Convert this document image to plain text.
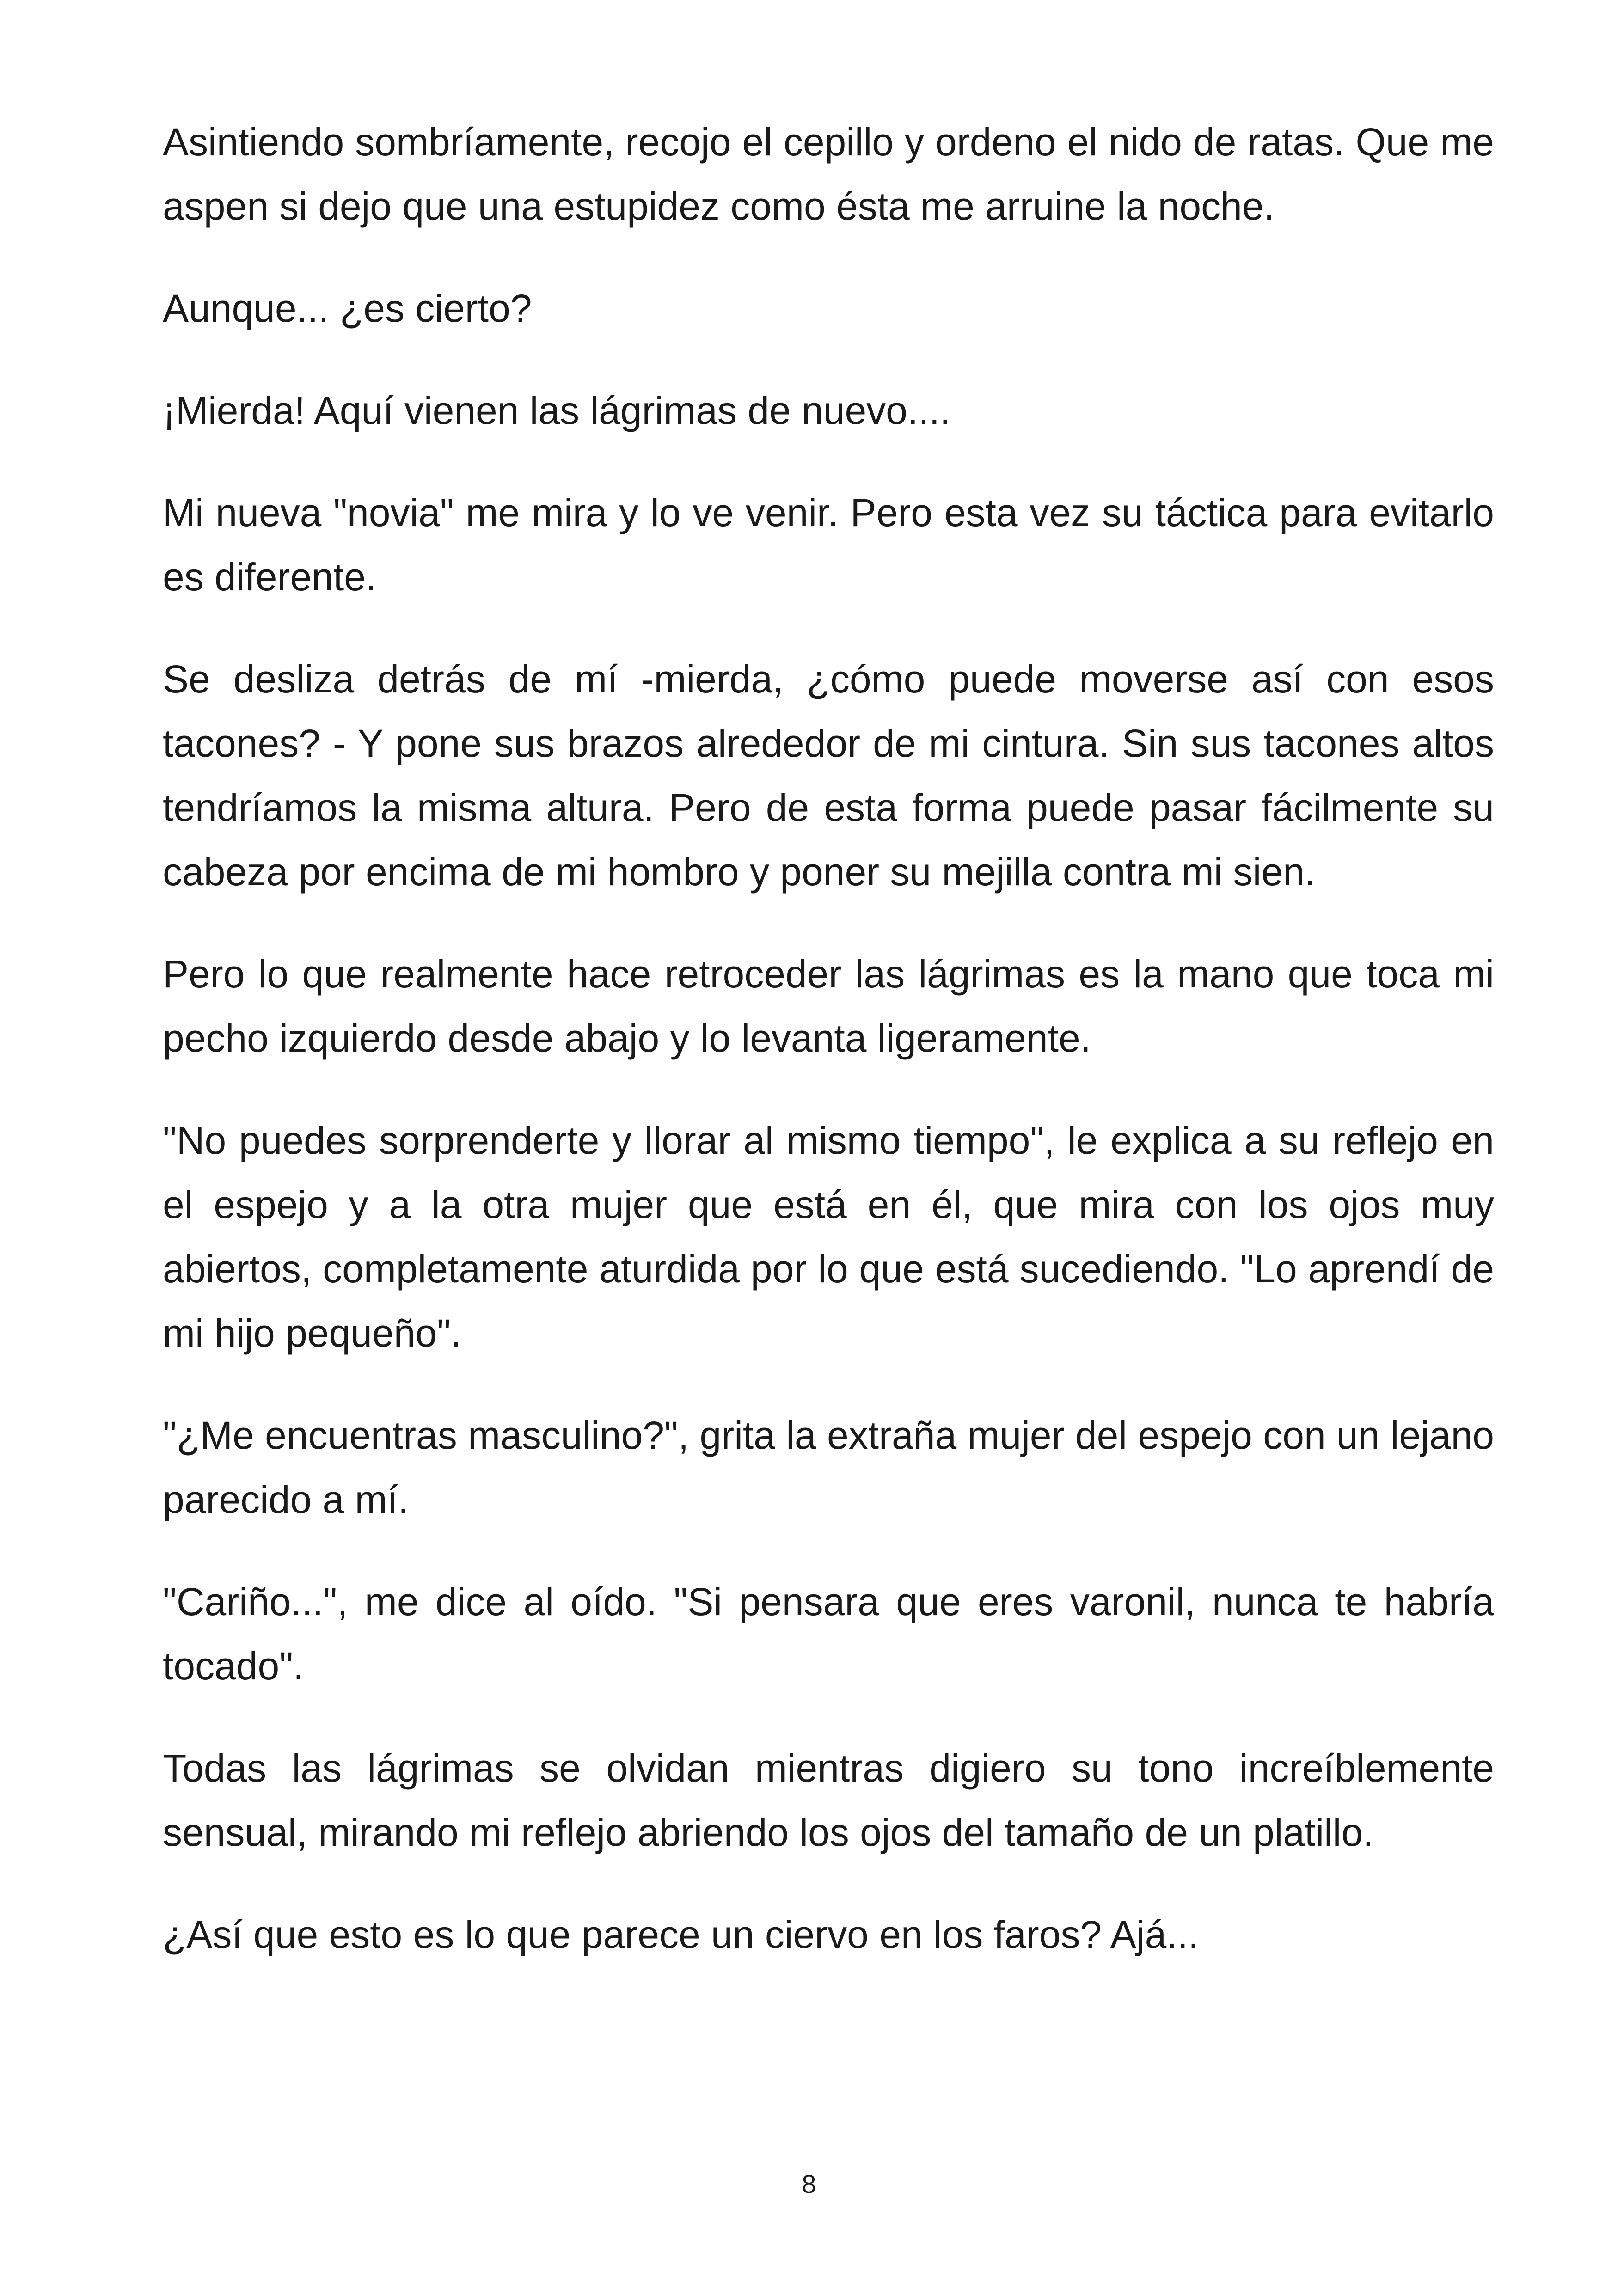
Asintiendo sombríamente, recojo el cepillo y ordeno el nido de ratas. Que me aspen si dejo que una estupidez como ésta me arruine la noche.

Aunque... ¿es cierto?

¡Mierda! Aquí vienen las lágrimas de nuevo....

Mi nueva "novia" me mira y lo ve venir. Pero esta vez su táctica para evitarlo es diferente.

Se desliza detrás de mí -mierda, ¿cómo puede moverse así con esos tacones? - Y pone sus brazos alrededor de mi cintura. Sin sus tacones altos tendríamos la misma altura. Pero de esta forma puede pasar fácilmente su cabeza por encima de mi hombro y poner su mejilla contra mi sien.

Pero lo que realmente hace retroceder las lágrimas es la mano que toca mi pecho izquierdo desde abajo y lo levanta ligeramente.

"No puedes sorprenderte y llorar al mismo tiempo", le explica a su reflejo en el espejo y a la otra mujer que está en él, que mira con los ojos muy abiertos, completamente aturdida por lo que está sucediendo. "Lo aprendí de mi hijo pequeño".

"¿Me encuentras masculino?", grita la extraña mujer del espejo con un lejano parecido a mí.

"Cariño...", me dice al oído. "Si pensara que eres varonil, nunca te habría tocado".

Todas las lágrimas se olvidan mientras digiero su tono increíblemente sensual, mirando mi reflejo abriendo los ojos del tamaño de un platillo.

¿Así que esto es lo que parece un ciervo en los faros? Ajá...

8
